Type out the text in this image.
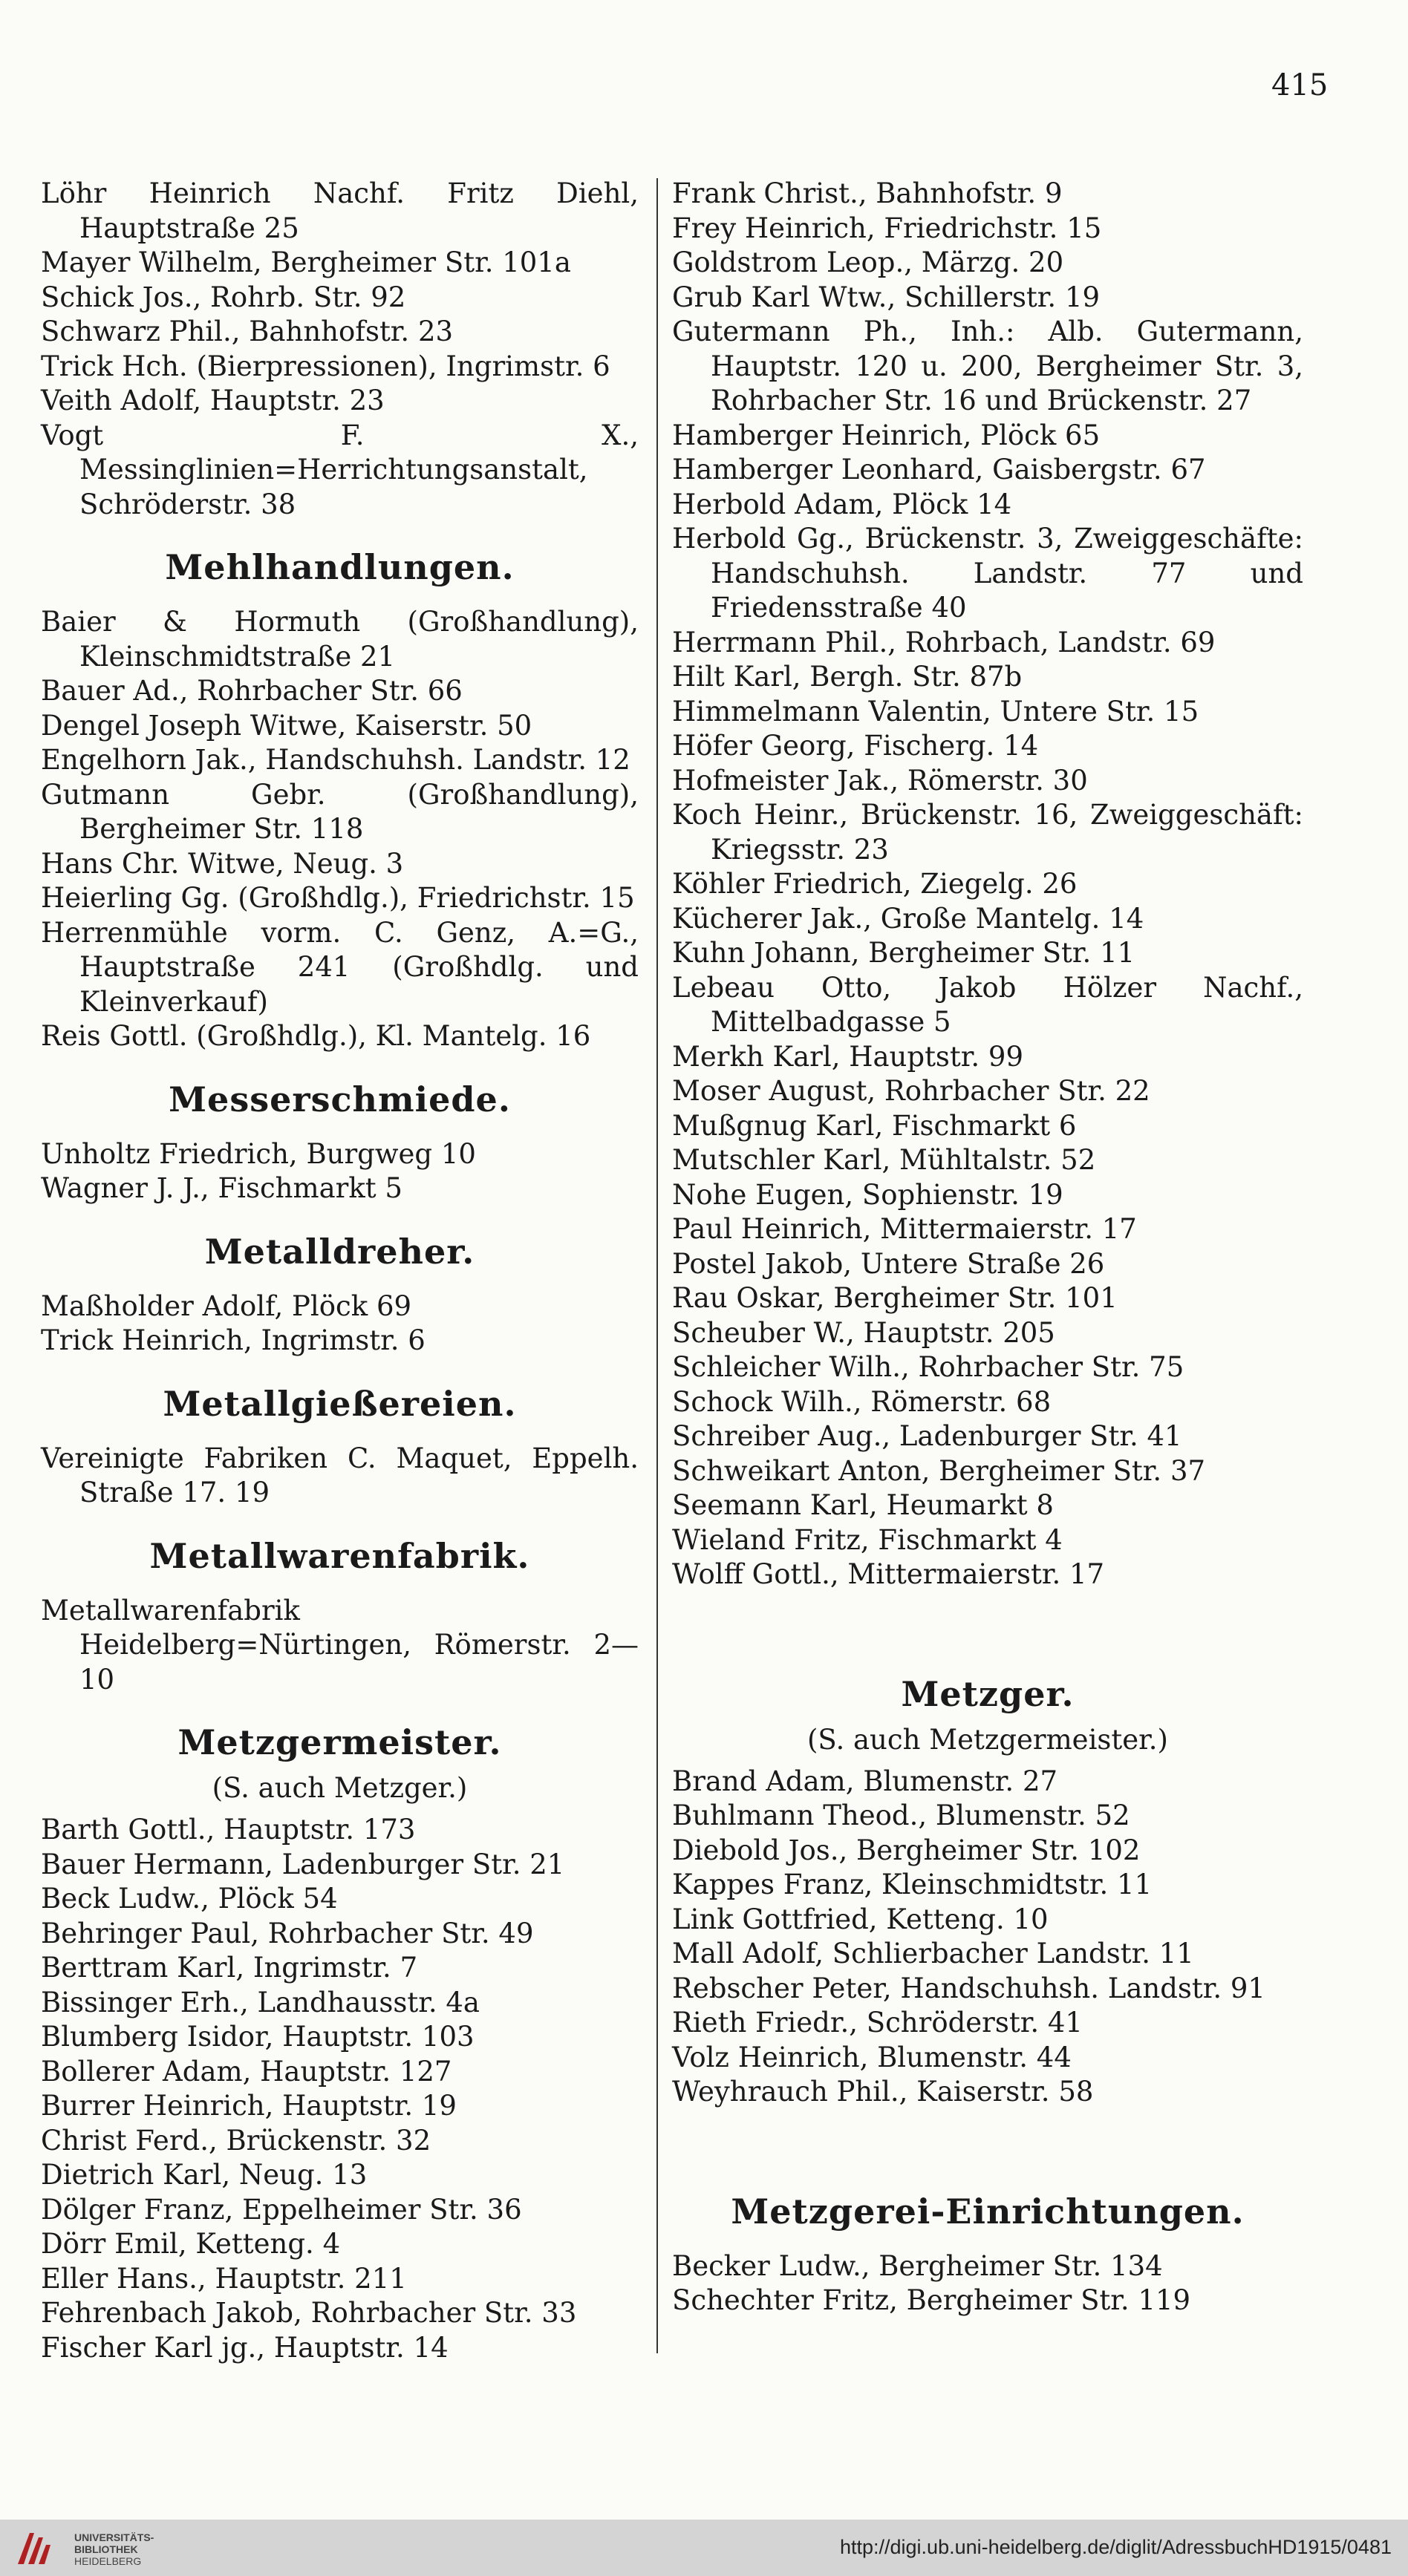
415
Löhr Heinrich Nachf. Fritz Diehl, Hauptstraße 25
Mayer Wilhelm, Bergheimer Str. 101a
Schick Jos., Rohrb. Str. 92
Schwarz Phil., Bahnhofstr. 23
Trick Hch. (Bierpressionen), Ingrimstr. 6
Veith Adolf, Hauptstr. 23
Vogt F. X., Messinglinien=Herrichtungsanstalt, Schröderstr. 38
Mehlhandlungen.
Baier & Hormuth (Großhandlung), Kleinschmidtstraße 21
Bauer Ad., Rohrbacher Str. 66
Dengel Joseph Witwe, Kaiserstr. 50
Engelhorn Jak., Handschuhsh. Landstr. 12
Gutmann Gebr. (Großhandlung), Bergheimer Str. 118
Hans Chr. Witwe, Neug. 3
Heierling Gg. (Großhdlg.), Friedrichstr. 15
Herrenmühle vorm. C. Genz, A.=G., Hauptstraße 241 (Großhdlg. und Kleinverkauf)
Reis Gottl. (Großhdlg.), Kl. Mantelg. 16
Messerschmiede.
Unholtz Friedrich, Burgweg 10
Wagner J. J., Fischmarkt 5
Metalldreher.
Maßholder Adolf, Plöck 69
Trick Heinrich, Ingrimstr. 6
Metallgießereien.
Vereinigte Fabriken C. Maquet, Eppelh. Straße 17. 19
Metallwarenfabrik.
Metallwarenfabrik Heidelberg=Nürtingen, Römerstr. 2—10
Metzgermeister.
(S. auch Metzger.)
Barth Gottl., Hauptstr. 173
Bauer Hermann, Ladenburger Str. 21
Beck Ludw., Plöck 54
Behringer Paul, Rohrbacher Str. 49
Berttram Karl, Ingrimstr. 7
Bissinger Erh., Landhausstr. 4a
Blumberg Isidor, Hauptstr. 103
Bollerer Adam, Hauptstr. 127
Burrer Heinrich, Hauptstr. 19
Christ Ferd., Brückenstr. 32
Dietrich Karl, Neug. 13
Dölger Franz, Eppelheimer Str. 36
Dörr Emil, Ketteng. 4
Eller Hans., Hauptstr. 211
Fehrenbach Jakob, Rohrbacher Str. 33
Fischer Karl jg., Hauptstr. 14
Frank Christ., Bahnhofstr. 9
Frey Heinrich, Friedrichstr. 15
Goldstrom Leop., Märzg. 20
Grub Karl Wtw., Schillerstr. 19
Gutermann Ph., Inh.: Alb. Gutermann, Hauptstr. 120 u. 200, Bergheimer Str. 3, Rohrbacher Str. 16 und Brückenstr. 27
Hamberger Heinrich, Plöck 65
Hamberger Leonhard, Gaisbergstr. 67
Herbold Adam, Plöck 14
Herbold Gg., Brückenstr. 3, Zweiggeschäfte: Handschuhsh. Landstr. 77 und Friedensstraße 40
Herrmann Phil., Rohrbach, Landstr. 69
Hilt Karl, Bergh. Str. 87b
Himmelmann Valentin, Untere Str. 15
Höfer Georg, Fischerg. 14
Hofmeister Jak., Römerstr. 30
Koch Heinr., Brückenstr. 16, Zweiggeschäft: Kriegsstr. 23
Köhler Friedrich, Ziegelg. 26
Kücherer Jak., Große Mantelg. 14
Kuhn Johann, Bergheimer Str. 11
Lebeau Otto, Jakob Hölzer Nachf., Mittelbadgasse 5
Merkh Karl, Hauptstr. 99
Moser August, Rohrbacher Str. 22
Mußgnug Karl, Fischmarkt 6
Mutschler Karl, Mühltalstr. 52
Nohe Eugen, Sophienstr. 19
Paul Heinrich, Mittermaierstr. 17
Postel Jakob, Untere Straße 26
Rau Oskar, Bergheimer Str. 101
Scheuber W., Hauptstr. 205
Schleicher Wilh., Rohrbacher Str. 75
Schock Wilh., Römerstr. 68
Schreiber Aug., Ladenburger Str. 41
Schweikart Anton, Bergheimer Str. 37
Seemann Karl, Heumarkt 8
Wieland Fritz, Fischmarkt 4
Wolff Gottl., Mittermaierstr. 17
Metzger.
(S. auch Metzgermeister.)
Brand Adam, Blumenstr. 27
Buhlmann Theod., Blumenstr. 52
Diebold Jos., Bergheimer Str. 102
Kappes Franz, Kleinschmidtstr. 11
Link Gottfried, Ketteng. 10
Mall Adolf, Schlierbacher Landstr. 11
Rebscher Peter, Handschuhsh. Landstr. 91
Rieth Friedr., Schröderstr. 41
Volz Heinrich, Blumenstr. 44
Weyhrauch Phil., Kaiserstr. 58
Metzgerei-Einrichtungen.
Becker Ludw., Bergheimer Str. 134
Schechter Fritz, Bergheimer Str. 119
UNIVERSITÄTS-
BIBLIOTHEK
HEIDELBERG
http://digi.ub.uni-heidelberg.de/diglit/AdressbuchHD1915/0481
